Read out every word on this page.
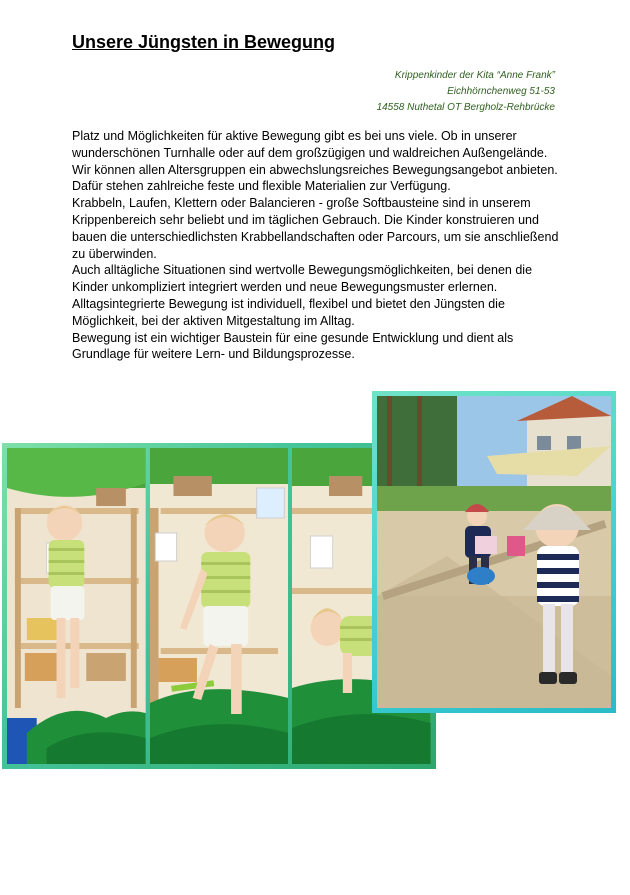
Unsere Jüngsten in Bewegung
Krippenkinder der Kita “Anne Frank”
Eichhörnchenweg 51-53
14558 Nuthetal OT Bergholz-Rehbrücke

Platz und Möglichkeiten für aktive Bewegung gibt es bei uns viele. Ob in unserer wunderschönen Turnhalle oder auf dem großzügigen und waldreichen Außengelände. Wir können allen Altersgruppen ein abwechslungsreiches Bewegungsangebot anbieten. Dafür stehen zahlreiche feste und flexible Materialien zur Verfügung.

Krabbeln, Laufen, Klettern oder Balancieren - große Softbausteine sind in unserem Krippenbereich sehr beliebt und im täglichen Gebrauch. Die Kinder konstruieren und bauen die unterschiedlichsten Krabbellandschaften oder Parcours, um sie anschließend zu überwinden.

Auch alltägliche Situationen sind wertvolle Bewegungsmöglichkeiten, bei denen die Kinder unkompliziert integriert werden und neue Bewegungsmuster erlernen.

Alltagsintegrierte Bewegung ist individuell, flexibel und bietet den Jüngsten die Möglichkeit, bei der aktiven Mitgestaltung im Alltag.

Bewegung ist ein wichtiger Baustein für eine gesunde Entwicklung und dient als Grundlage für weitere Lern- und Bildungsprozesse.
